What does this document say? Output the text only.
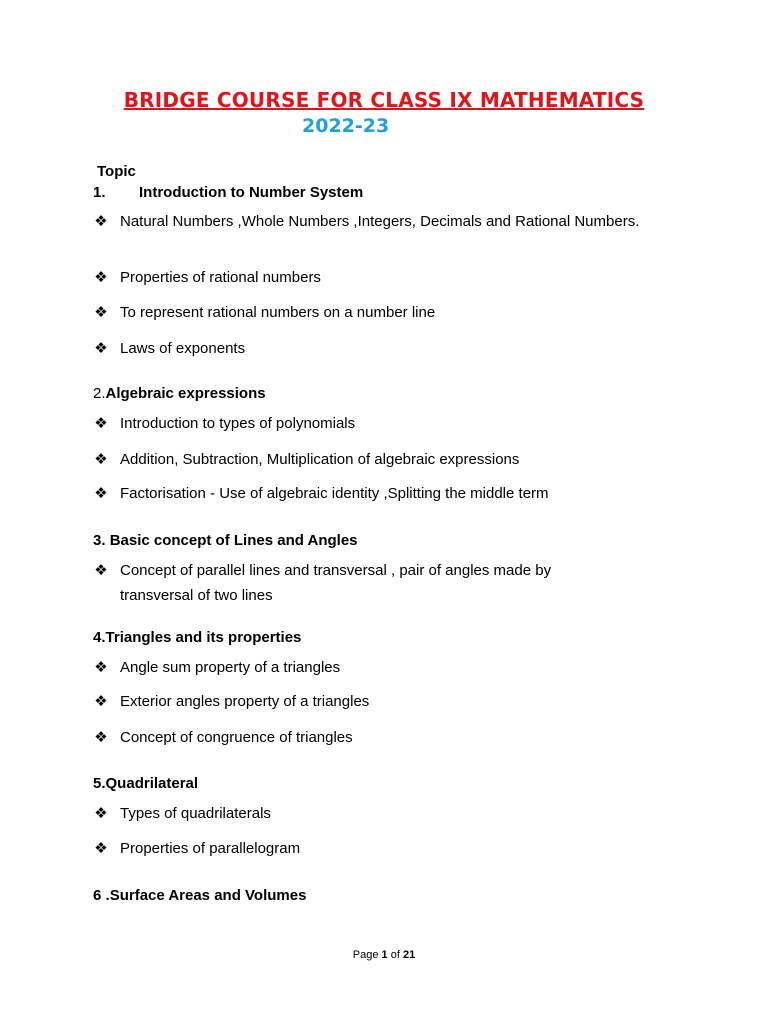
BRIDGE COURSE FOR CLASS IX MATHEMATICS
2022-23
Topic
1. Introduction to Number System
❖ Natural Numbers ,Whole Numbers ,Integers, Decimals and Rational Numbers.
❖ Properties of rational numbers
❖ To represent rational numbers on a number line
❖ Laws of exponents
2.Algebraic expressions
❖ Introduction to types of polynomials
❖ Addition, Subtraction, Multiplication of algebraic expressions
❖ Factorisation - Use of algebraic identity ,Splitting the middle term
3. Basic concept of Lines and Angles
❖ Concept of parallel lines and transversal , pair of angles made by transversal of two lines
4.Triangles and its properties
❖ Angle sum property of a triangles
❖ Exterior angles property of a triangles
❖ Concept of congruence of triangles
5.Quadrilateral
❖ Types of quadrilaterals
❖ Properties of parallelogram
6 .Surface Areas and Volumes
Page 1 of 21
